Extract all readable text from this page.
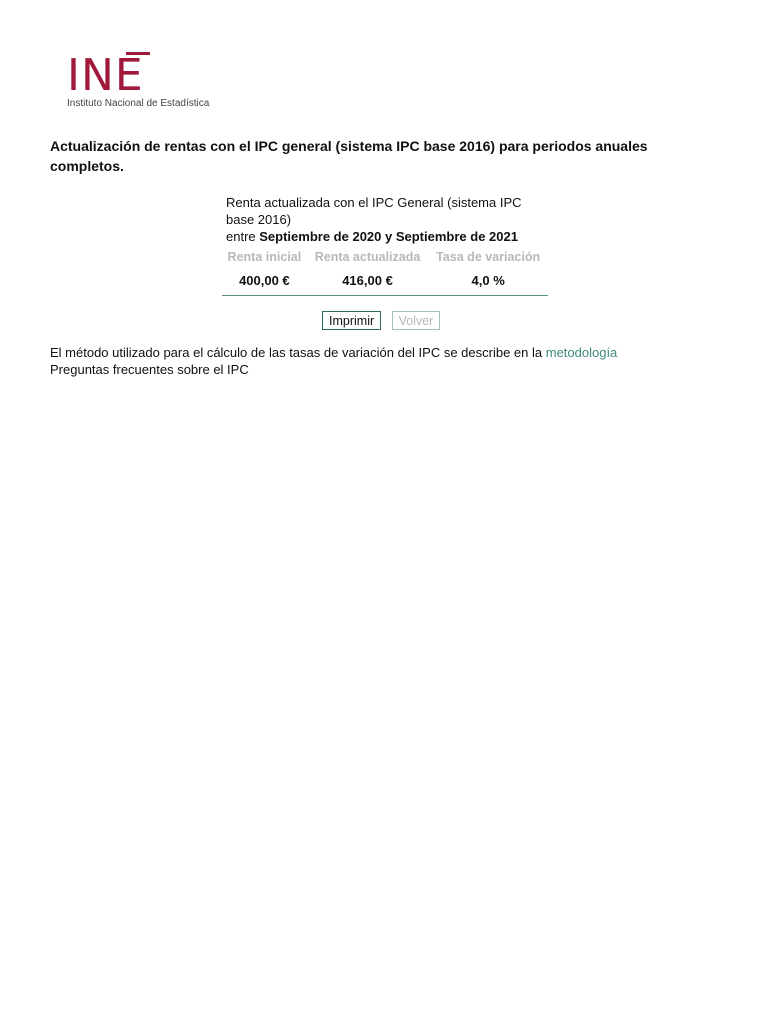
INE
Instituto Nacional de Estadística
Actualización de rentas con el IPC general (sistema IPC base 2016) para periodos anuales completos.
Renta actualizada con el IPC General (sistema IPC base 2016)
entre Septiembre de 2020 y Septiembre de 2021
Renta inicial	Renta actualizada	Tasa de variación
400,00 €	416,00 €	4,0 %
Imprimir Volver
El método utilizado para el cálculo de las tasas de variación del IPC se describe en la metodología
Preguntas frecuentes sobre el IPC
